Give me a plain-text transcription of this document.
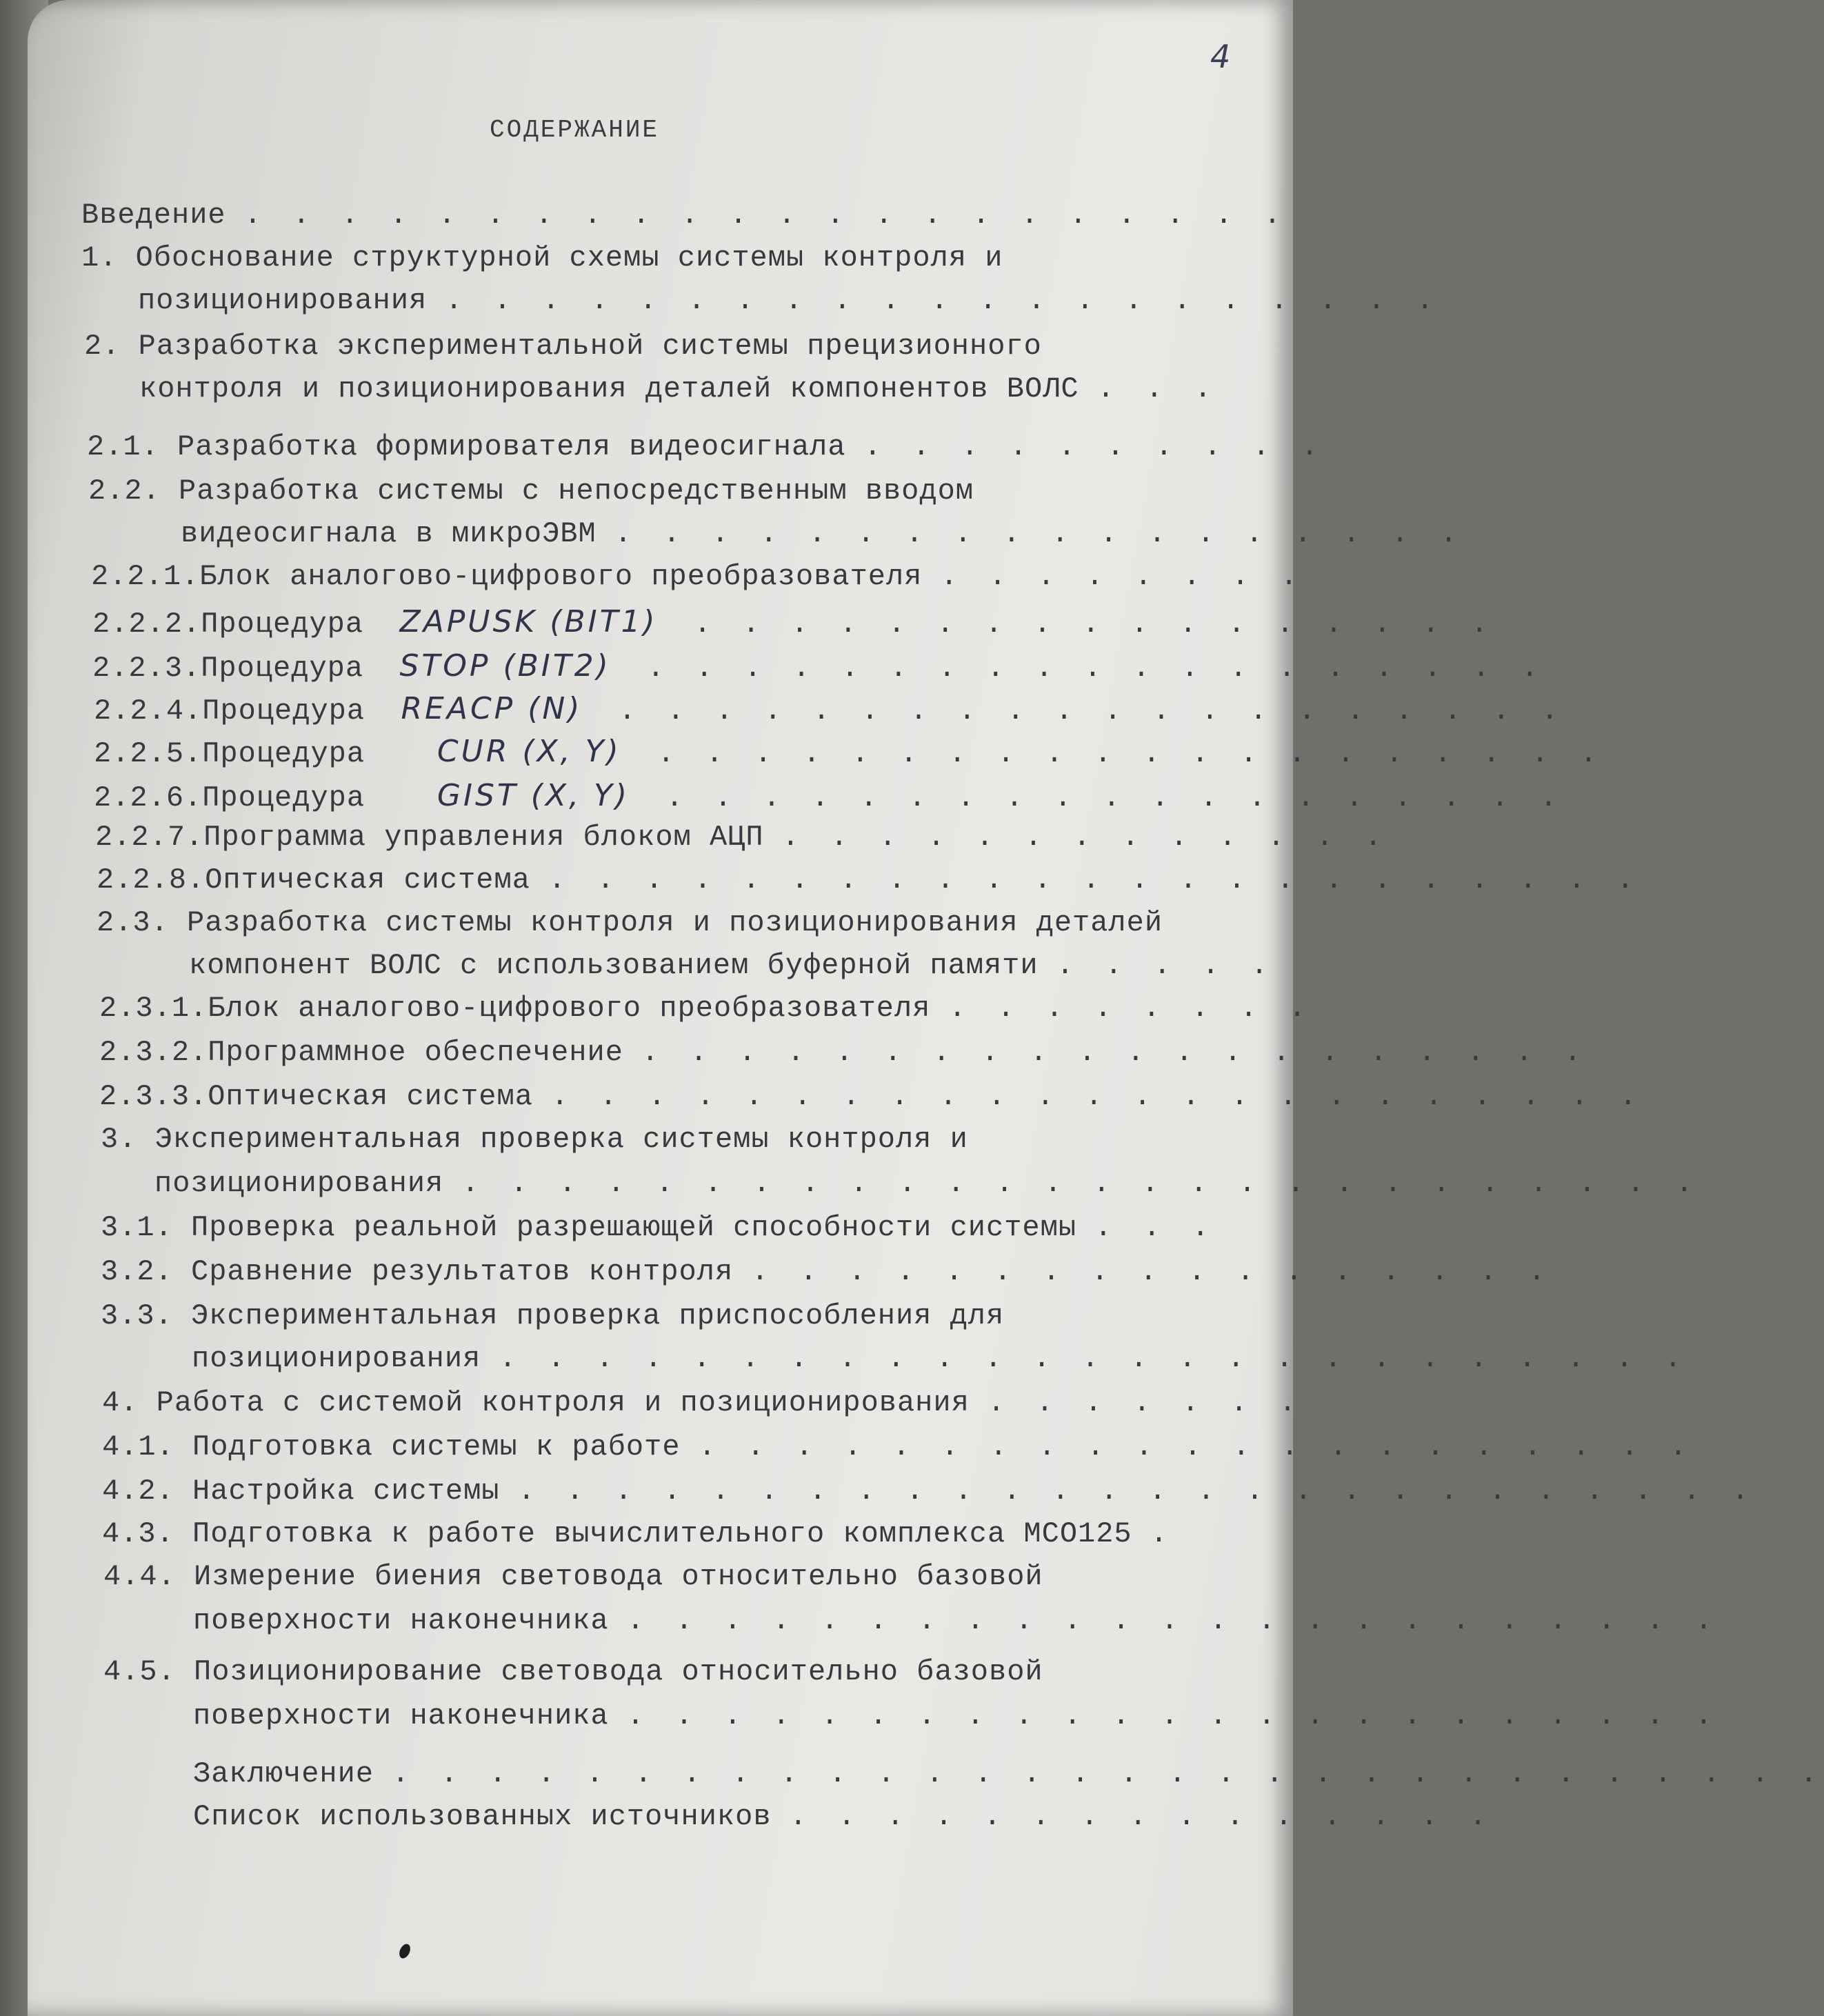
4
СОДЕРЖАНИЕ
Введение . . . . . . . . . . . . . . . . . . . . . .
1. Обоснование структурной схемы системы контроля и
позиционирования . . . . . . . . . . . . . . . . . . . . .
2. Разработка экспериментальной системы прецизионного
контроля и позиционирования деталей компонентов ВОЛС . . .
2.1. Разработка формирователя видеосигнала . . . . . . . . . .
2.2. Разработка системы с непосредственным вводом
видеосигнала в микроЭВМ . . . . . . . . . . . . . . . . . .
2.2.1.Блок аналогово-цифрового преобразователя . . . . . . . .
2.2.2.Процедура ZAPUSK (BIT1) . . . . . . . . . . . . . . . . .
2.2.3.Процедура STOP (BIT2) . . . . . . . . . . . . . . . . . . .
2.2.4.Процедура REACP (N) . . . . . . . . . . . . . . . . . . . .
2.2.5.Процедура CUR (X, Y) . . . . . . . . . . . . . . . . . . . .
2.2.6.Процедура GIST (X, Y) . . . . . . . . . . . . . . . . . . .
2.2.7.Программа управления блоком АЦП . . . . . . . . . . . . .
2.2.8.Оптическая система . . . . . . . . . . . . . . . . . . . . . . .
2.3. Разработка системы контроля и позиционирования деталей
компонент ВОЛС с использованием буферной памяти . . . . .
2.3.1.Блок аналогово-цифрового преобразователя . . . . . . . .
2.3.2.Программное обеспечение . . . . . . . . . . . . . . . . . . . .
2.3.3.Оптическая система . . . . . . . . . . . . . . . . . . . . . . .
3. Экспериментальная проверка системы контроля и
позиционирования . . . . . . . . . . . . . . . . . . . . . . . . . .
3.1. Проверка реальной разрешающей способности системы . . .
3.2. Сравнение результатов контроля . . . . . . . . . . . . . . . . .
3.3. Экспериментальная проверка приспособления для
позиционирования . . . . . . . . . . . . . . . . . . . . . . . . .
4. Работа с системой контроля и позиционирования . . . . . . .
4.1. Подготовка системы к работе . . . . . . . . . . . . . . . . . . . . .
4.2. Настройка системы . . . . . . . . . . . . . . . . . . . . . . . . . .
4.3. Подготовка к работе вычислительного комплекса МСО125 .
4.4. Измерение биения световода относительно базовой
поверхности наконечника . . . . . . . . . . . . . . . . . . . . . . .
4.5. Позиционирование световода относительно базовой
поверхности наконечника . . . . . . . . . . . . . . . . . . . . . . .
Заключение . . . . . . . . . . . . . . . . . . . . . . . . . . . . . .
Список использованных источников . . . . . . . . . . . . . . .
